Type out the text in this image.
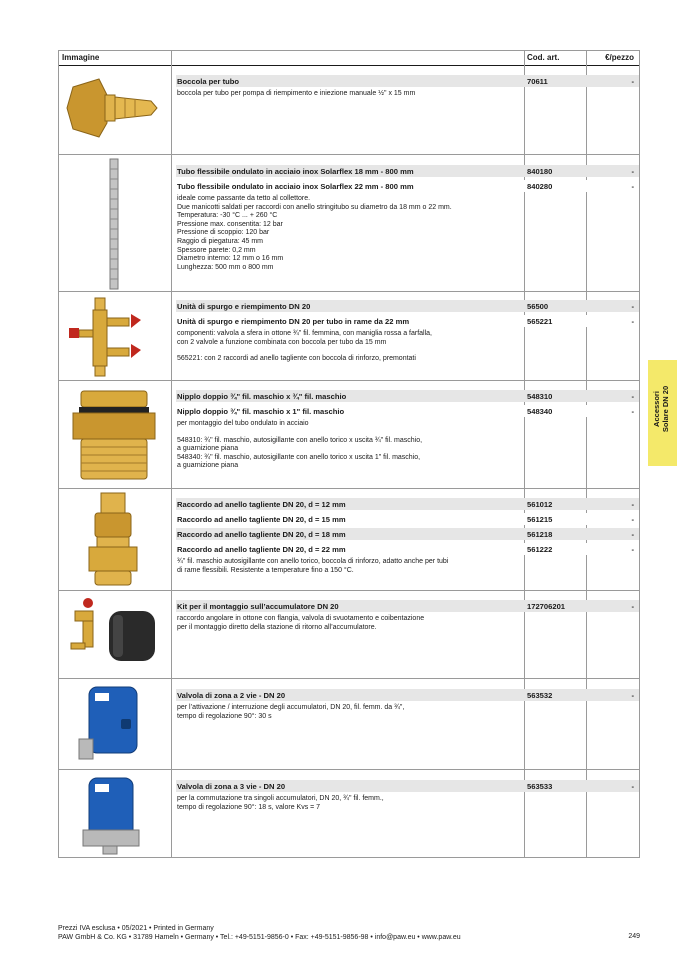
Immagine	Cod. art.	€/pezzo
Boccola per tubo	70611	-
boccola per tubo per pompa di riempimento e iniezione manuale ½" x 15 mm
Tubo flessibile ondulato in acciaio inox Solarflex 18 mm - 800 mm	840180	-
Tubo flessibile ondulato in acciaio inox Solarflex 22 mm - 800 mm	840280	-
ideale come passante da tetto al collettore.
Due manicotti saldati per raccordi con anello stringitubo su diametro da 18 mm o 22 mm.
Temperatura: -30 °C ... + 260 °C
Pressione max. consentita: 12 bar
Pressione di scoppio: 120 bar
Raggio di piegatura: 45 mm
Spessore parete: 0,2 mm
Diametro interno: 12 mm o 16 mm
Lunghezza: 500 mm o 800 mm
Unità di spurgo e riempimento DN 20	56500	-
Unità di spurgo e riempimento DN 20 per tubo in rame da 22 mm	565221	-
componenti: valvola a sfera in ottone ¾" fil. femmina, con maniglia rossa a farfalla,
con 2 valvole a funzione combinata con boccola per tubo da 15 mm
565221: con 2 raccordi ad anello tagliente con boccola di rinforzo, premontati
Nipplo doppio ¾" fil. maschio x ¾" fil. maschio	548310	-
Nipplo doppio ¾" fil. maschio x 1" fil. maschio	548340	-
per montaggio del tubo ondulato in acciaio
548310: ¾" fil. maschio, autosigillante con anello torico x uscita ¾" fil. maschio,
a guarnizione piana
548340: ¾" fil. maschio, autosigillante con anello torico x uscita 1" fil. maschio,
a guarnizione piana
Raccordo ad anello tagliente DN 20, d = 12 mm	561012	-
Raccordo ad anello tagliente DN 20, d = 15 mm	561215	-
Raccordo ad anello tagliente DN 20, d = 18 mm	561218	-
Raccordo ad anello tagliente DN 20, d = 22 mm	561222	-
¾" fil. maschio autosigillante con anello torico, boccola di rinforzo, adatto anche per tubi
di rame flessibili. Resistente a temperature fino a 150 °C.
Kit per il montaggio sull’accumulatore DN 20	172706201	-
raccordo angolare in ottone con flangia, valvola di svuotamento e coibentazione
per il montaggio diretto della stazione di ritorno all’accumulatore.
Valvola di zona a 2 vie - DN 20	563532	-
per l’attivazione / interruzione degli accumulatori, DN 20, fil. femm. da ¾",
tempo di regolazione 90°: 30 s
Valvola di zona a 3 vie - DN 20	563533	-
per la commutazione tra singoli accumulatori, DN 20, ¾" fil. femm.,
tempo di regolazione 90°: 18 s, valore Kvs = 7
Accessori Solare DN 20
Prezzi IVA esclusa • 05/2021 • Printed in Germany
PAW GmbH & Co. KG • 31789 Hameln • Germany • Tel.: +49-5151-9856-0 • Fax: +49-5151-9856-98 • info@paw.eu • www.paw.eu	249
